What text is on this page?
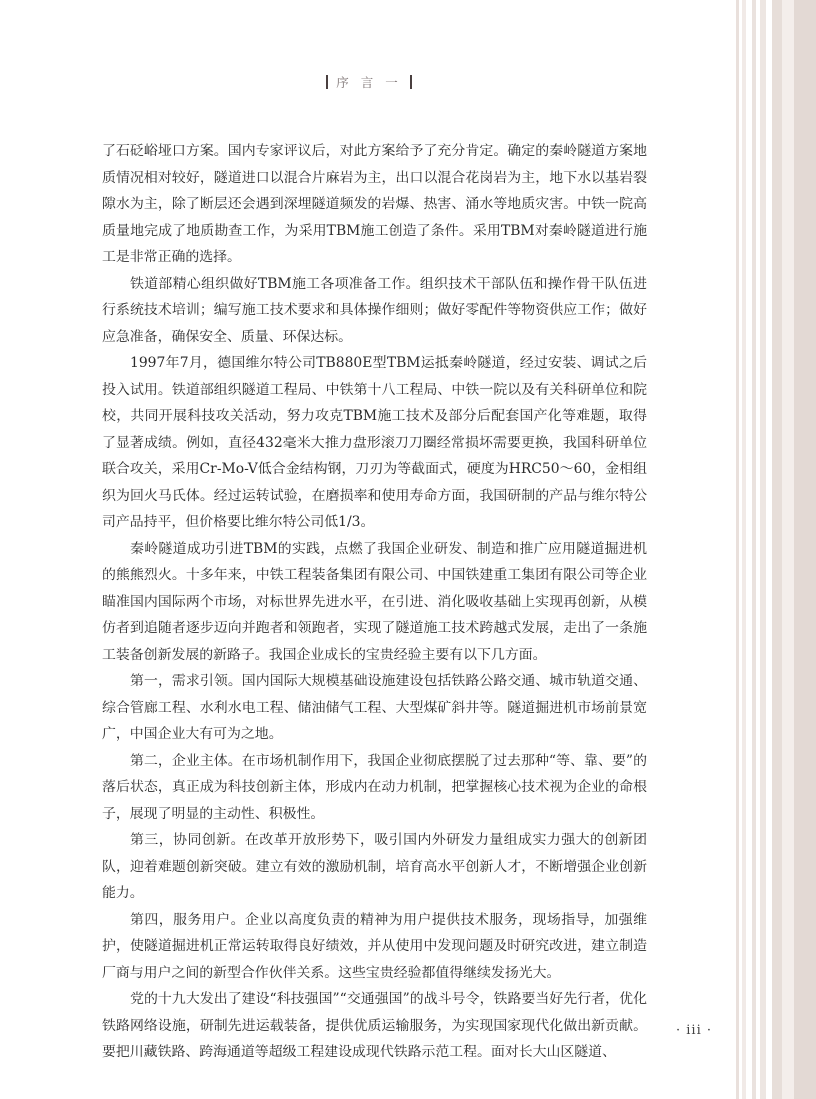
序 言 一

了石砭峪垭口方案。国内专家评议后，对此方案给予了充分肯定。确定的秦岭隧道方案地质情况相对较好，隧道进口以混合片麻岩为主，出口以混合花岗岩为主，地下水以基岩裂隙水为主，除了断层还会遇到深埋隧道频发的岩爆、热害、涌水等地质灾害。中铁一院高质量地完成了地质勘查工作，为采用TBM施工创造了条件。采用TBM对秦岭隧道进行施工是非常正确的选择。

铁道部精心组织做好TBM施工各项准备工作。组织技术干部队伍和操作骨干队伍进行系统技术培训；编写施工技术要求和具体操作细则；做好零配件等物资供应工作；做好应急准备，确保安全、质量、环保达标。

1997年7月，德国维尔特公司TB880E型TBM运抵秦岭隧道，经过安装、调试之后投入试用。铁道部组织隧道工程局、中铁第十八工程局、中铁一院以及有关科研单位和院校，共同开展科技攻关活动，努力攻克TBM施工技术及部分后配套国产化等难题，取得了显著成绩。例如，直径432毫米大推力盘形滚刀刀圈经常损坏需要更换，我国科研单位联合攻关，采用Cr-Mo-V低合金结构钢，刀刃为等截面式，硬度为HRC50～60，金相组织为回火马氏体。经过运转试验，在磨损率和使用寿命方面，我国研制的产品与维尔特公司产品持平，但价格要比维尔特公司低1/3。

秦岭隧道成功引进TBM的实践，点燃了我国企业研发、制造和推广应用隧道掘进机的熊熊烈火。十多年来，中铁工程装备集团有限公司、中国铁建重工集团有限公司等企业瞄准国内国际两个市场，对标世界先进水平，在引进、消化吸收基础上实现再创新，从模仿者到追随者逐步迈向并跑者和领跑者，实现了隧道施工技术跨越式发展，走出了一条施工装备创新发展的新路子。我国企业成长的宝贵经验主要有以下几方面。

第一，需求引领。国内国际大规模基础设施建设包括铁路公路交通、城市轨道交通、综合管廊工程、水利水电工程、储油储气工程、大型煤矿斜井等。隧道掘进机市场前景宽广，中国企业大有可为之地。

第二，企业主体。在市场机制作用下，我国企业彻底摆脱了过去那种“等、靠、要”的落后状态，真正成为科技创新主体，形成内在动力机制，把掌握核心技术视为企业的命根子，展现了明显的主动性、积极性。

第三，协同创新。在改革开放形势下，吸引国内外研发力量组成实力强大的创新团队，迎着难题创新突破。建立有效的激励机制，培育高水平创新人才，不断增强企业创新能力。

第四，服务用户。企业以高度负责的精神为用户提供技术服务，现场指导，加强维护，使隧道掘进机正常运转取得良好绩效，并从使用中发现问题及时研究改进，建立制造厂商与用户之间的新型合作伙伴关系。这些宝贵经验都值得继续发扬光大。

党的十九大发出了建设“科技强国”“交通强国”的战斗号令，铁路要当好先行者，优化铁路网络设施，研制先进运载装备，提供优质运输服务，为实现国家现代化做出新贡献。要把川藏铁路、跨海通道等超级工程建设成现代铁路示范工程。面对长大山区隧道、

· iii ·
